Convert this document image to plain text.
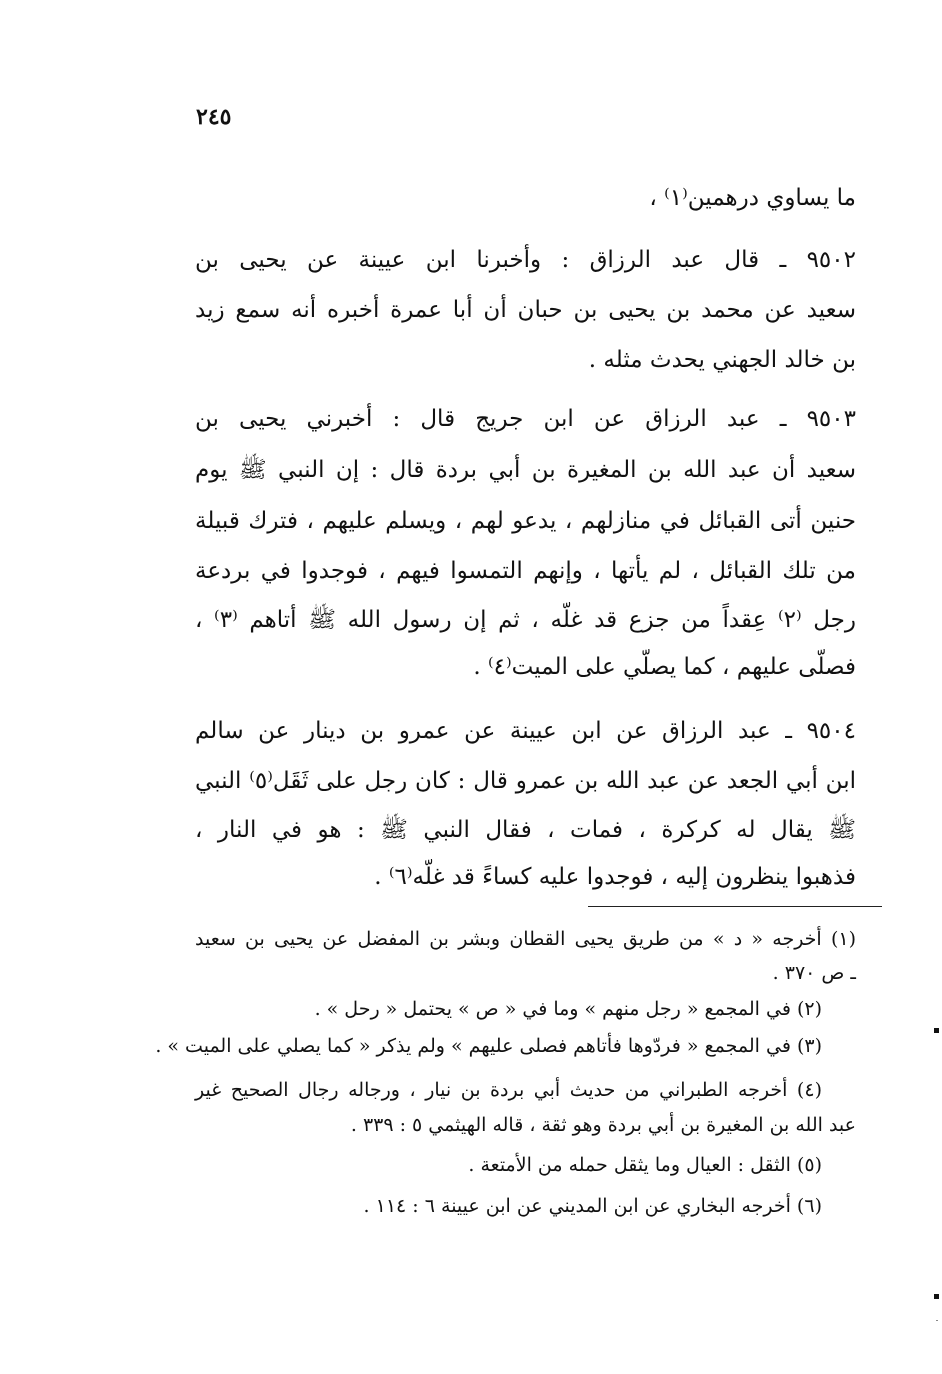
٢٤٥
ما يساوي درهمين⁽١⁾ ،
٩٥٠٢ ـ قال عبد الرزاق : وأخبرنا ابن عيينة عن يحيى بن
سعيد عن محمد بن يحيى بن حبان أن أبا عمرة أخبره أنه سمع زيد
بن خالد الجهني يحدث مثله .
٩٥٠٣ ـ عبد الرزاق عن ابن جريج قال : أخبرني يحيى بن
سعيد أن عبد الله بن المغيرة بن أبي بردة قال : إن النبي ﷺ يوم
حنين أتى القبائل في منازلهم ، يدعو لهم ، ويسلم عليهم ، فترك قبيلة
من تلك القبائل ، لم يأتها ، وإنهم التمسوا فيهم ، فوجدوا في بردعة
رجل ⁽٢⁾ عِقداً من جزع قد غلّه ، ثم إن رسول الله ﷺ أتاهم ⁽٣⁾ ،
فصلّى عليهم ، كما يصلّي على الميت⁽٤⁾ .
٩٥٠٤ ـ عبد الرزاق عن ابن عيينة عن عمرو بن دينار عن سالم
ابن أبي الجعد عن عبد الله بن عمرو قال : كان رجل على ثَقَل⁽٥⁾ النبي
ﷺ يقال له كركرة ، فمات ، فقال النبي ﷺ : هو في النار ،
فذهبوا ينظرون إليه ، فوجدوا عليه كساءً قد غلّه⁽٦⁾ .
(١) أخرجه « د » من طريق يحيى القطان وبشر بن المفضل عن يحيى بن سعيد
ـ ص ٣٧٠ .
(٢) في المجمع « رجل منهم » وما في « ص » يحتمل « رحل » .
(٣) في المجمع « فردّوها فأتاهم فصلى عليهم » ولم يذكر « كما يصلي على الميت » .
(٤) أخرجه الطبراني من حديث أبي بردة بن نيار ، ورجاله رجال الصحيح غير
عبد الله بن المغيرة بن أبي بردة وهو ثقة ، قاله الهيثمي ٥ : ٣٣٩ .
(٥) الثقل : العيال وما يثقل حمله من الأمتعة .
(٦) أخرجه البخاري عن ابن المديني عن ابن عيينة ٦ : ١١٤ .
